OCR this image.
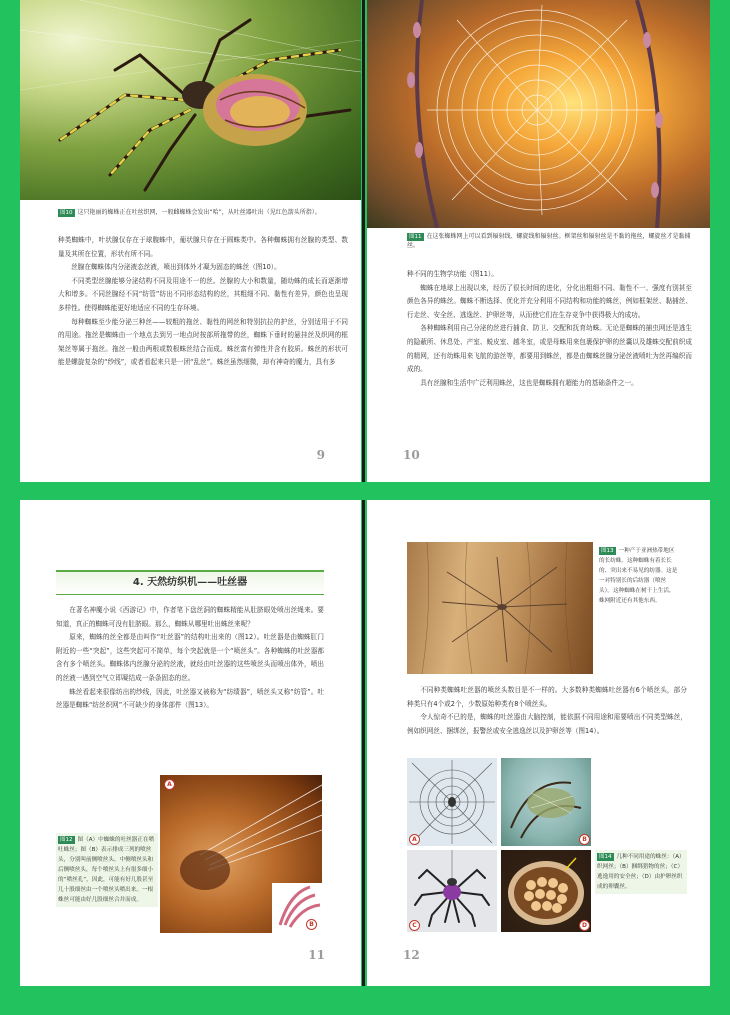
图10 这只艳丽的蜘蛛正在吐丝织网，一般雌蜘蛛会发出“哈”，从吐丝器吐出（见红色箭头所指）。

种类蜘蛛中，叶状腺仅存在于球腹蛛中，葡状腺只存在于圆蛛类中。各种蜘蛛拥有丝腺的类型、数量及其所在位置，形状有所不同。

丝腺在蜘蛛体内分泌液态丝液，喷出到体外才凝为固态的蛛丝（图10）。

不同类型丝腺能够分泌结构不同及用途不一的丝。丝腺的大小和数量，随幼蛛的成长而逐渐增大和增多。不同丝腺经不同“纺管”纺出不同形态结构的丝，其粗细不同、黏性有差异，颜色也呈现多样性。使得蜘蛛能更好地适应不同的生存环境。

每种蜘蛛至少能分泌三种丝——较粗的拖丝、黏性的网丝和特别抗拉的护丝，分别适用于不同的用途。拖丝是蜘蛛由一个地点去到另一地点时按部所拖带的丝，蜘蛛下垂时的悬挂丝及织网的框架丝等属于拖丝。拖丝一般由两根或数根蛛丝结合而成。蛛丝富有弹性并含有胶质。蛛丝的形状可能是螺旋复杂的“纱线”，或者看起来只是一团“乱丝”。蛛丝虽然细微，却有神奇的魔力，具有多

9
图11 在这张蜘蛛网上可以看到辐射线、螺旋线和辐射丝。框架丝和辐射丝是不黏的拖丝，螺旋丝才是黏捕丝。

种不同的生物学功能（图11）。

蜘蛛在地球上出现以来，经历了很长时间的进化，分化出粗细不同、黏性不一、强度有别甚至颜色各异的蛛丝。蜘蛛不断选择、优化并充分利用不同结构和功能的蛛丝，例如框架丝、黏捕丝、行走丝、安全丝、逃逸丝、护卵丝等，从而使它们在生存竞争中获得极大的成功。

各种蜘蛛利用自己分泌的丝进行捕食、防卫、交配和抚育幼蛛。无论是蜘蛛的捕虫网还是逃生的隐蔽所、休息处、产室、蜕皮室、越冬室，或是母蛛用来包裹保护卵的丝囊以及雄蛛交配前织成的精网，还有幼蛛用来飞航的游丝等，都要用到蛛丝，都是由蜘蛛丝腺分泌丝液喷吐为丝再编织而成的。

具有丝腺和生活中广泛利用蛛丝，这也是蜘蛛拥有超能力的基础条件之一。

10
4. 天然纺织机——吐丝器

在著名神魔小说《西游记》中，作者笔下盘丝洞的蜘蛛精能从肚脐眼处喷出丝绳来。要知道，真正的蜘蛛可没有肚脐眼。那么，蜘蛛从哪里吐出蛛丝来呢？

原来，蜘蛛的丝全都是由叫作“吐丝器”的结构吐出来的（图12）。吐丝器是由蜘蛛肛门附近的一些“突起”，这些突起可不简单，每个突起就是一个“喷丝头”。各种蜘蛛的吐丝器都含有多个喷丝头。蜘蛛体内丝腺分泌的丝液，就经由吐丝器的这些喷丝头而喷出体外，喷出的丝液一遇到空气立即凝结成一条条固态的丝。

蛛丝看起来很像纺出的纱线，因此，吐丝器又被称为“纺绩器”，喷丝头又称“纺管”。吐丝器是蜘蛛“纺丝织网”不可缺少的身体部件（图13）。

A
B
图12 图（A）中蜘蛛的吐丝器正在喷吐蛛丝；图（B）表示排成三列的喷丝头，分别叫前侧喷丝头、中侧喷丝头和后侧喷丝头，每个喷丝头上有很多细小的“喷丝孔”，因此，可能有好几股甚至几十股细丝由一个喷丝头喷出来。一根蛛丝可能由好几股细丝合并而成。
11
图13 一种产于亚洲热带地区的长纺蛛。这种蜘蛛有着长长的、突出来不易见的纺器。这是一对特别长的后纺器（喷丝头）。这种蜘蛛在树干上生活，蛛网附近还有其他东西。

不同种类蜘蛛吐丝器的喷丝头数目是不一样的。大多数种类蜘蛛吐丝器有6个喷丝头，部分种类只有4个或2个，少数原始种类有8个喷丝头。

令人惊奇不已的是，蜘蛛的吐丝器由大脑控制，能依据不同用途和需要喷出不同类型蛛丝，例如织网丝、捆绑丝，报警丝或安全逃逸丝以及护卵丝等（图14）。

A	B
C	D
图14 几种不同用途的蛛丝：（A）织网丝；（B）捆绑猎物的丝；（C）逃逸用的安全丝；（D）由护卵丝织成的卵囊丝。
12
